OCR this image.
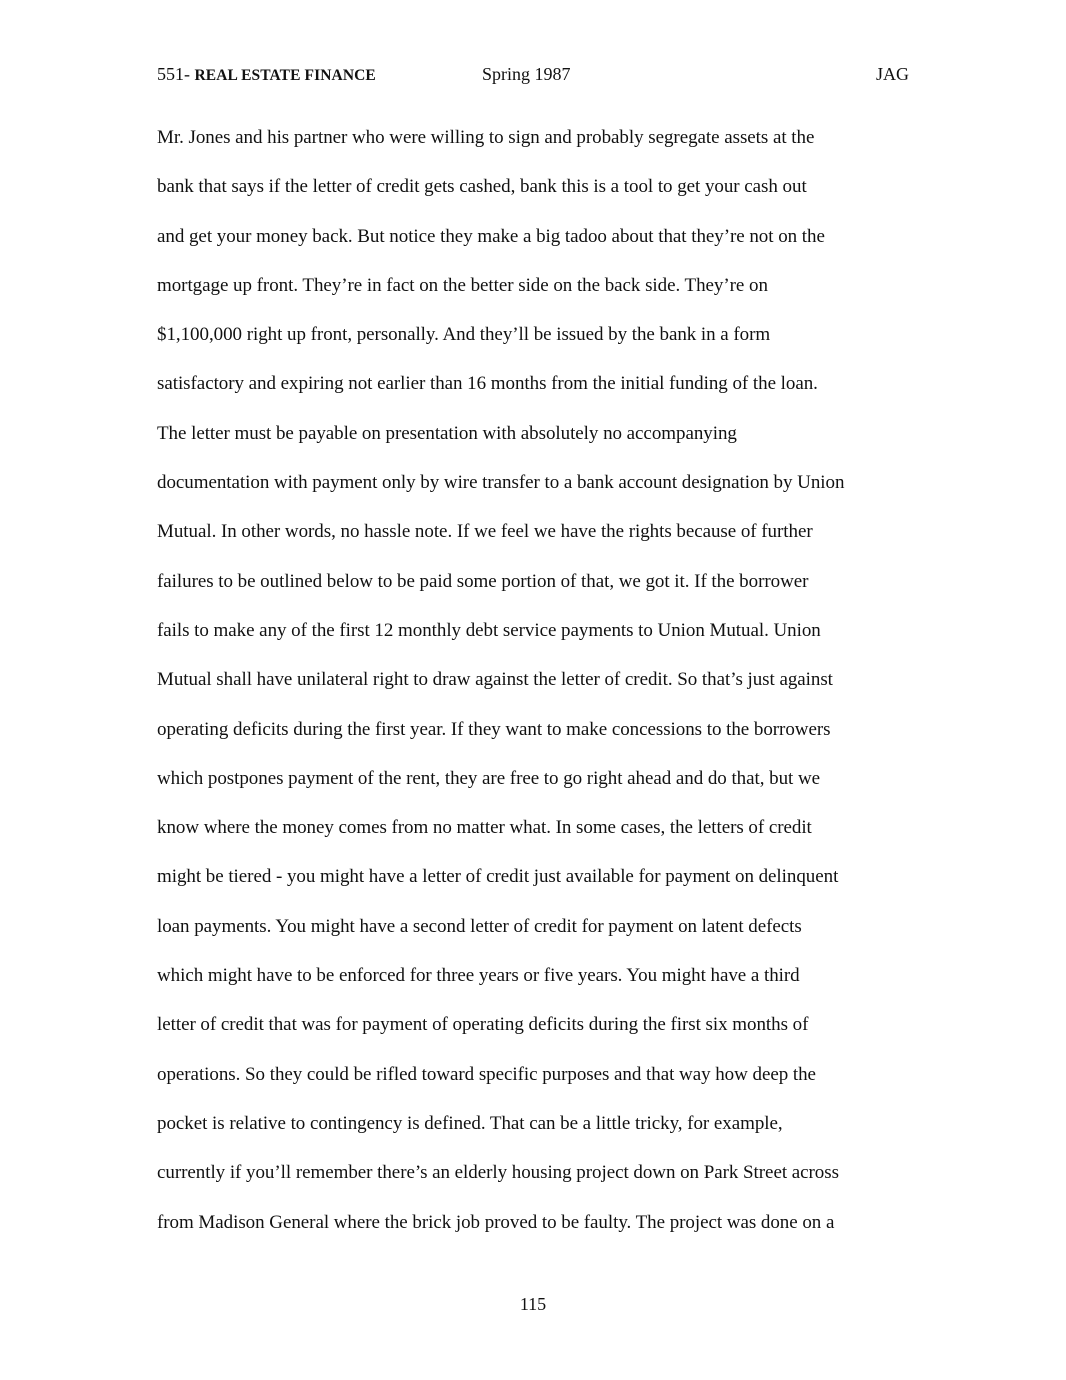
551- REAL ESTATE FINANCE	Spring 1987	JAG
Mr. Jones and his partner who were willing to sign and probably segregate assets at the
bank that says if the letter of credit gets cashed, bank this is a tool to get your cash out
and get your money back. But notice they make a big tadoo about that they’re not on the
mortgage up front. They’re in fact on the better side on the back side. They’re on
$1,100,000 right up front, personally. And they’ll be issued by the bank in a form
satisfactory and expiring not earlier than 16 months from the initial funding of the loan.
The letter must be payable on presentation with absolutely no accompanying
documentation with payment only by wire transfer to a bank account designation by Union
Mutual. In other words, no hassle note. If we feel we have the rights because of further
failures to be outlined below to be paid some portion of that, we got it. If the borrower
fails to make any of the first 12 monthly debt service payments to Union Mutual. Union
Mutual shall have unilateral right to draw against the letter of credit. So that’s just against
operating deficits during the first year. If they want to make concessions to the borrowers
which postpones payment of the rent, they are free to go right ahead and do that, but we
know where the money comes from no matter what. In some cases, the letters of credit
might be tiered - you might have a letter of credit just available for payment on delinquent
loan payments. You might have a second letter of credit for payment on latent defects
which might have to be enforced for three years or five years. You might have a third
letter of credit that was for payment of operating deficits during the first six months of
operations. So they could be rifled toward specific purposes and that way how deep the
pocket is relative to contingency is defined. That can be a little tricky, for example,
currently if you’ll remember there’s an elderly housing project down on Park Street across
from Madison General where the brick job proved to be faulty. The project was done on a
115
